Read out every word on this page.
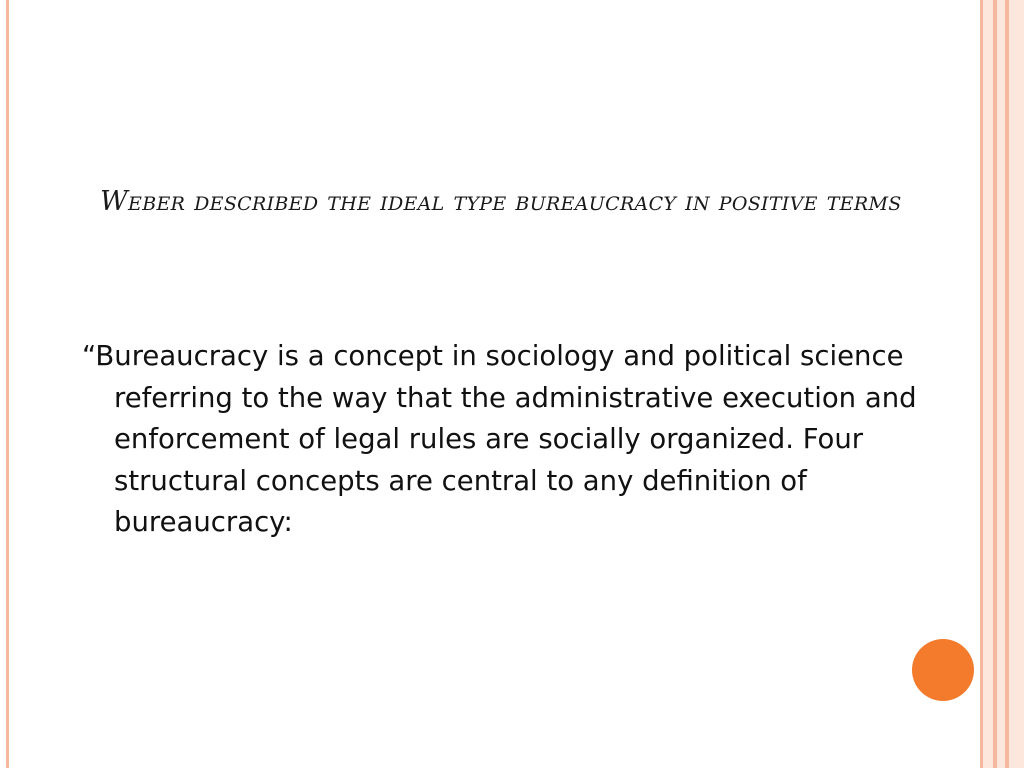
Weber described the ideal type bureaucracy in positive terms

“Bureaucracy is a concept in sociology and political science referring to the way that the administrative execution and enforcement of legal rules are socially organized. Four structural concepts are central to any definition of bureaucracy:
